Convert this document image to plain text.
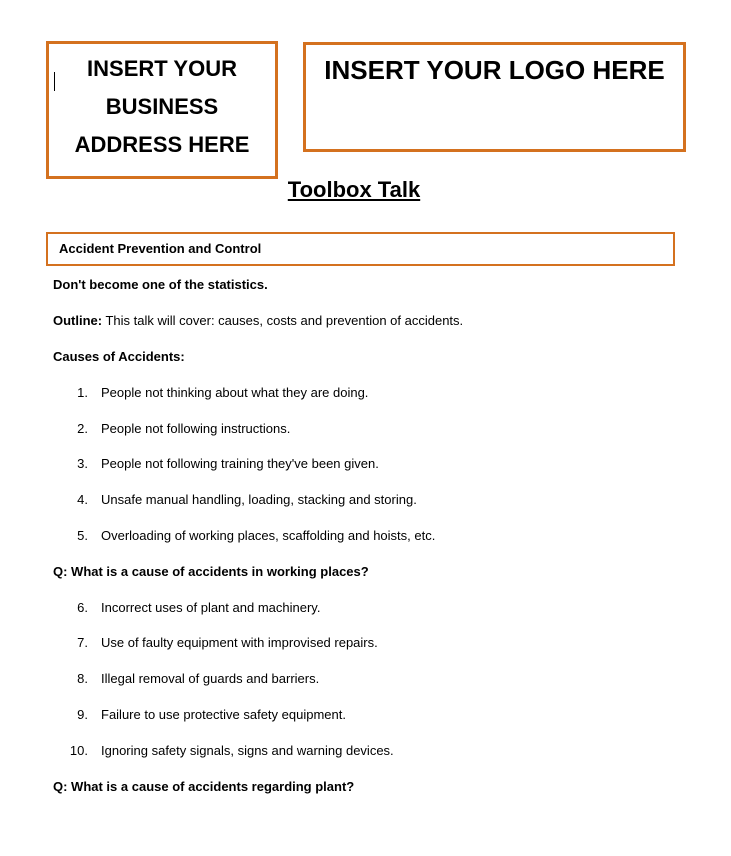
INSERT YOUR
BUSINESS
ADDRESS HERE
INSERT YOUR LOGO HERE
Toolbox Talk
Accident Prevention and Control
Don't become one of the statistics.
Outline: This talk will cover: causes, costs and prevention of accidents.
Causes of Accidents:
1. People not thinking about what they are doing.
2. People not following instructions.
3. People not following training they've been given.
4. Unsafe manual handling, loading, stacking and storing.
5. Overloading of working places, scaffolding and hoists, etc.
Q: What is a cause of accidents in working places?
6. Incorrect uses of plant and machinery.
7. Use of faulty equipment with improvised repairs.
8. Illegal removal of guards and barriers.
9. Failure to use protective safety equipment.
10. Ignoring safety signals, signs and warning devices.
Q: What is a cause of accidents regarding plant?
